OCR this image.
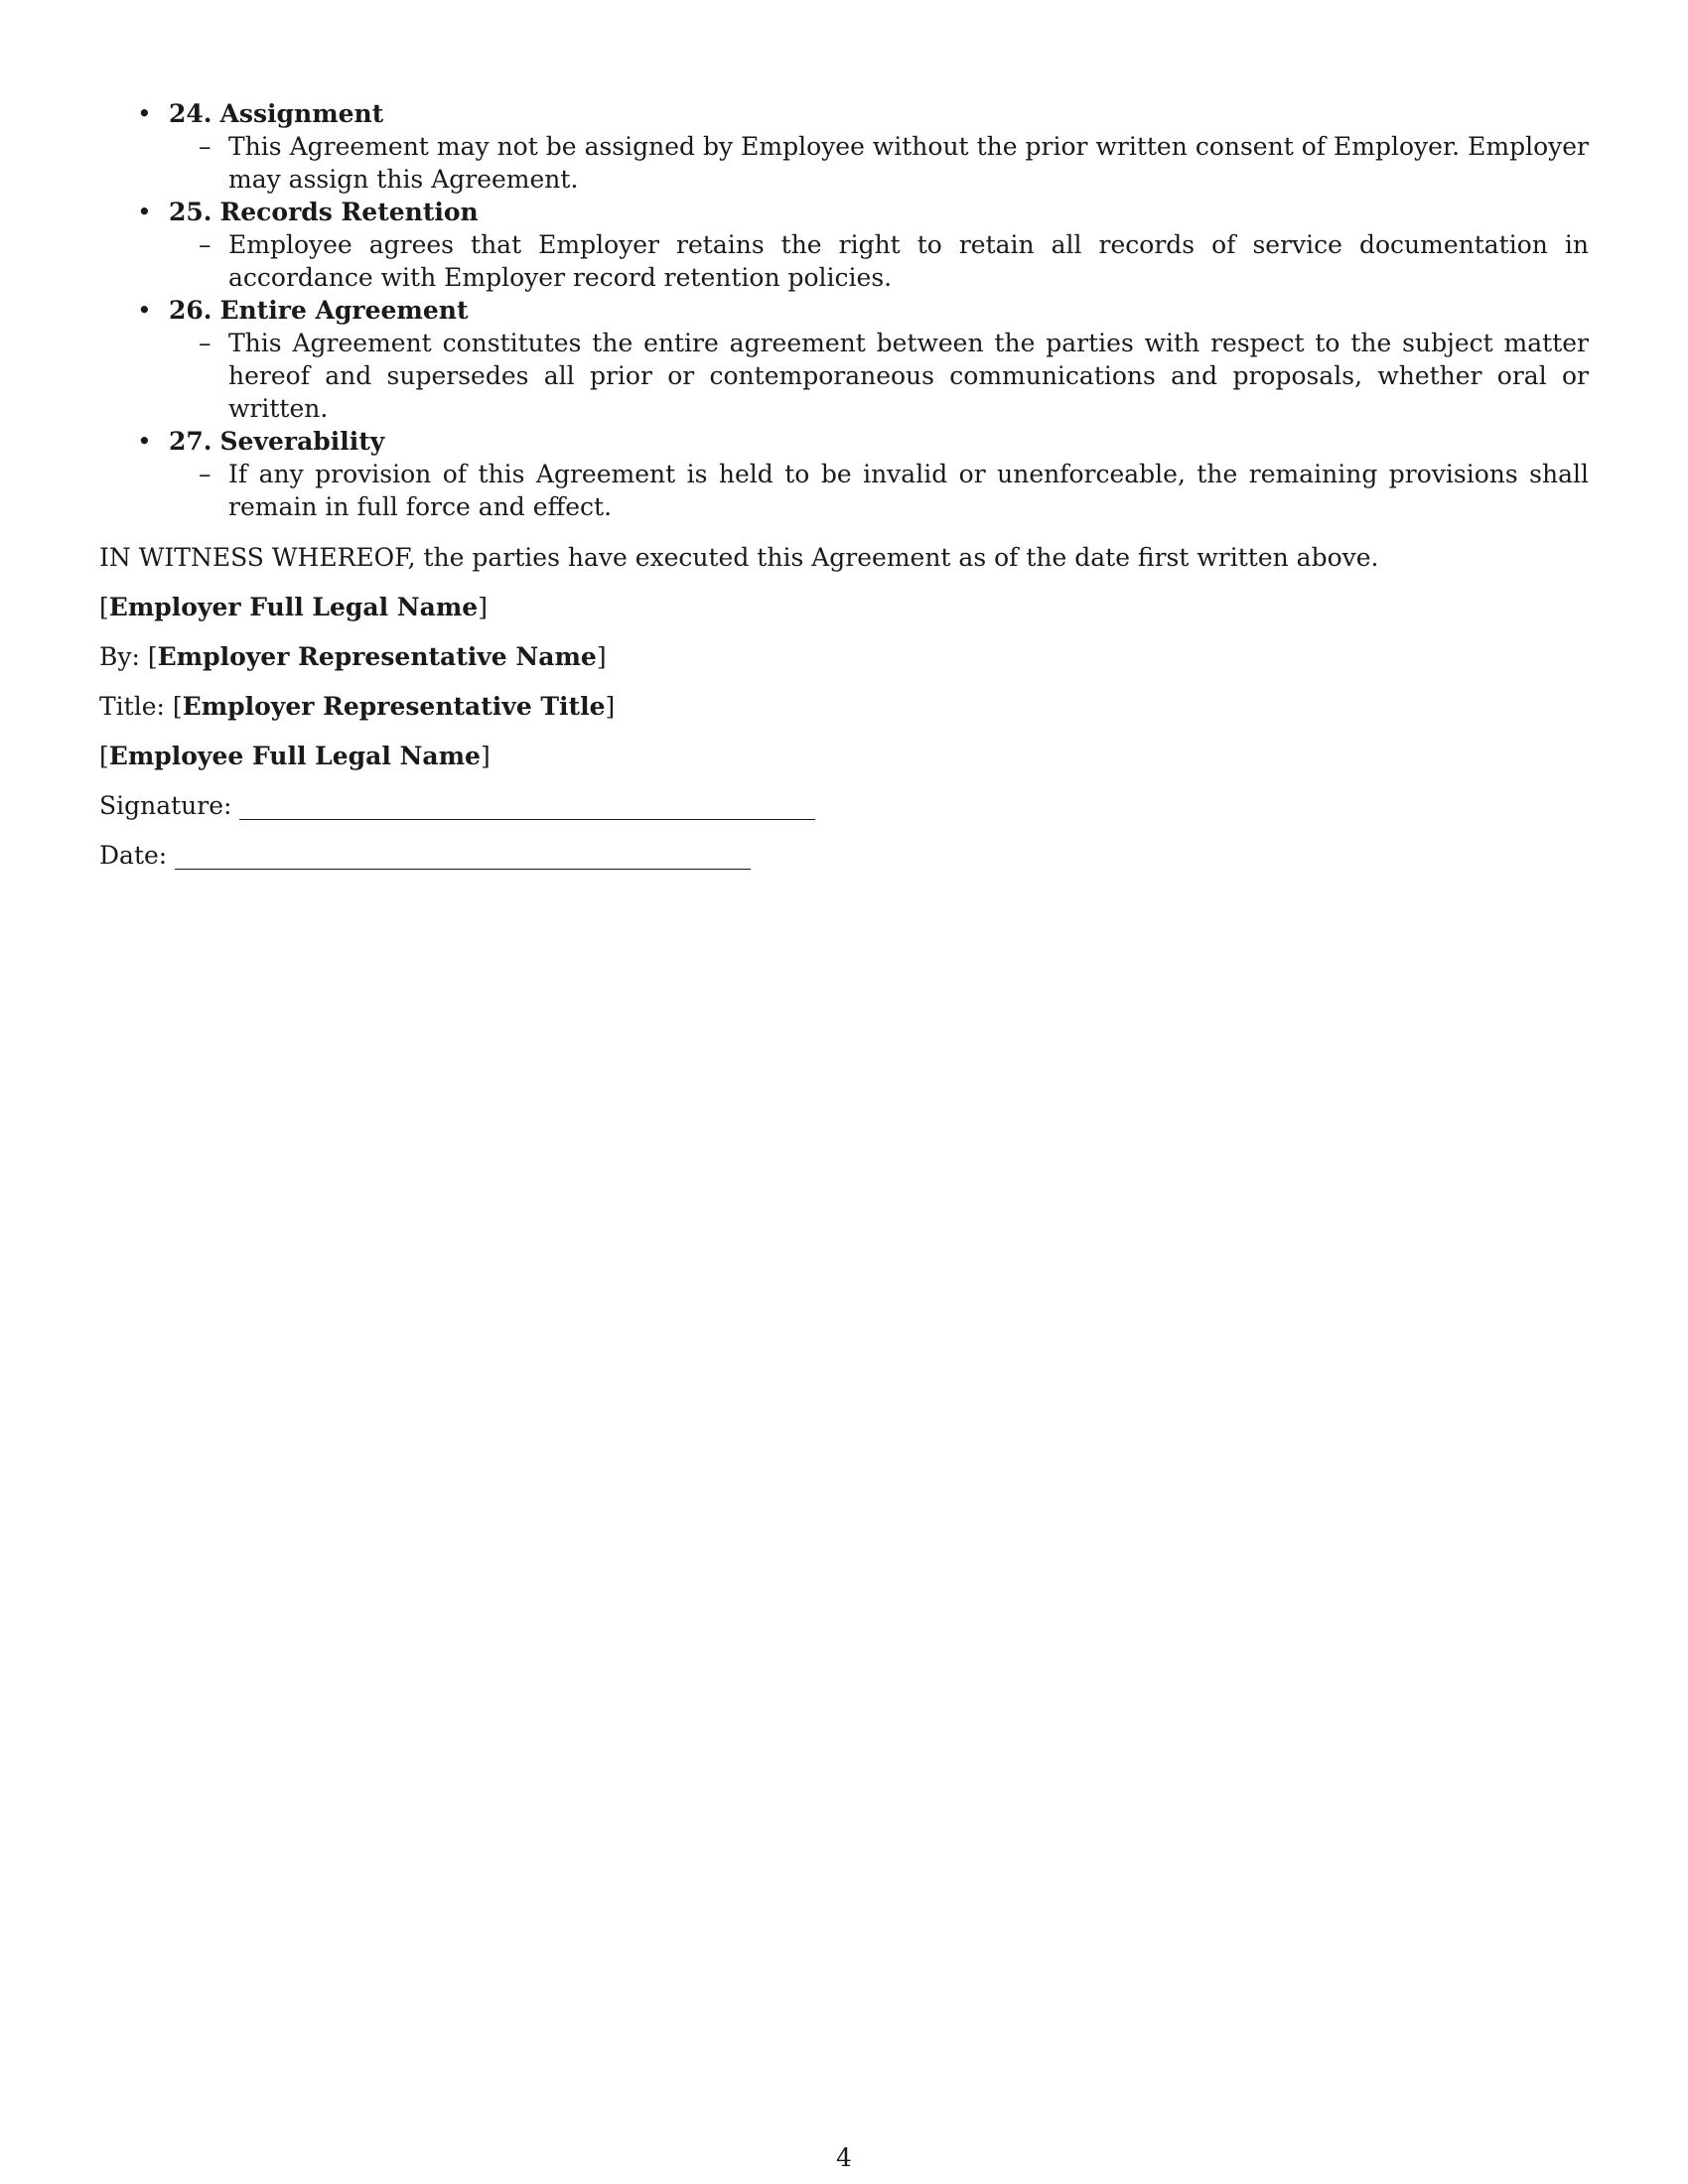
• 24. Assignment
– This Agreement may not be assigned by Employee without the prior written consent of Employer. Employer may assign this Agreement.
• 25. Records Retention
– Employee agrees that Employer retains the right to retain all records of service documentation in accordance with Employer record retention policies.
• 26. Entire Agreement
– This Agreement constitutes the entire agreement between the parties with respect to the subject matter hereof and supersedes all prior or contemporaneous communications and proposals, whether oral or written.
• 27. Severability
– If any provision of this Agreement is held to be invalid or unenforceable, the remaining provisions shall remain in full force and effect.

IN WITNESS WHEREOF, the parties have executed this Agreement as of the date first written above.

[Employer Full Legal Name]
By: [Employer Representative Name]
Title: [Employer Representative Title]
[Employee Full Legal Name]
Signature:
Date:
4
